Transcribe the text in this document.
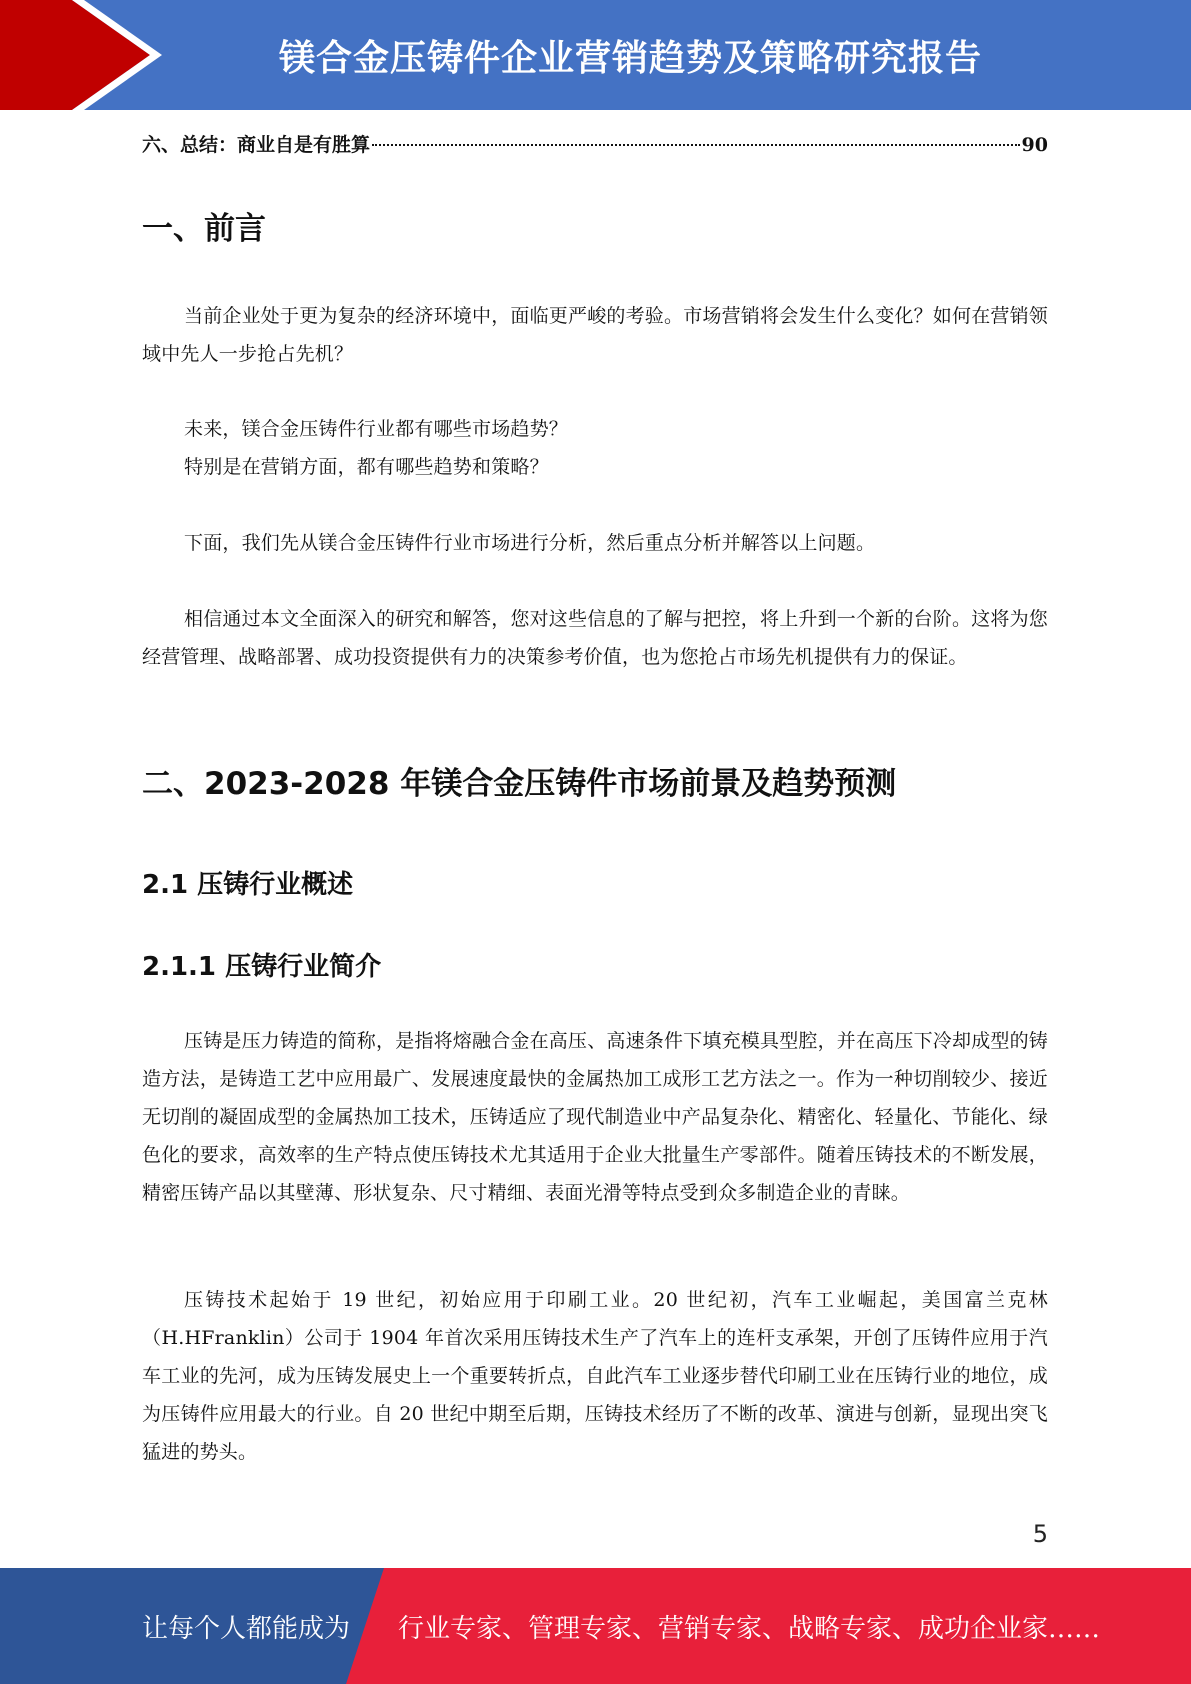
镁合金压铸件企业营销趋势及策略研究报告
六、总结：商业自是有胜算	90
一、前言

当前企业处于更为复杂的经济环境中，面临更严峻的考验。市场营销将会发生什么变化？如何在营销领域中先人一步抢占先机？

未来，镁合金压铸件行业都有哪些市场趋势？

特别是在营销方面，都有哪些趋势和策略？

下面，我们先从镁合金压铸件行业市场进行分析，然后重点分析并解答以上问题。

相信通过本文全面深入的研究和解答，您对这些信息的了解与把控，将上升到一个新的台阶。这将为您经营管理、战略部署、成功投资提供有力的决策参考价值，也为您抢占市场先机提供有力的保证。

二、2023-2028 年镁合金压铸件市场前景及趋势预测
2.1 压铸行业概述
2.1.1 压铸行业简介

压铸是压力铸造的简称，是指将熔融合金在高压、高速条件下填充模具型腔，并在高压下冷却成型的铸造方法，是铸造工艺中应用最广、发展速度最快的金属热加工成形工艺方法之一。作为一种切削较少、接近无切削的凝固成型的金属热加工技术，压铸适应了现代制造业中产品复杂化、精密化、轻量化、节能化、绿色化的要求，高效率的生产特点使压铸技术尤其适用于企业大批量生产零部件。随着压铸技术的不断发展，精密压铸产品以其壁薄、形状复杂、尺寸精细、表面光滑等特点受到众多制造企业的青睐。

压铸技术起始于 19 世纪，初始应用于印刷工业。20 世纪初，汽车工业崛起，美国富兰克林（H.HFranklin）公司于 1904 年首次采用压铸技术生产了汽车上的连杆支承架，开创了压铸件应用于汽车工业的先河，成为压铸发展史上一个重要转折点，自此汽车工业逐步替代印刷工业在压铸行业的地位，成为压铸件应用最大的行业。自 20 世纪中期至后期，压铸技术经历了不断的改革、演进与创新，显现出突飞猛进的势头。

5
让每个人都能成为 行业专家、管理专家、营销专家、战略专家、成功企业家……
